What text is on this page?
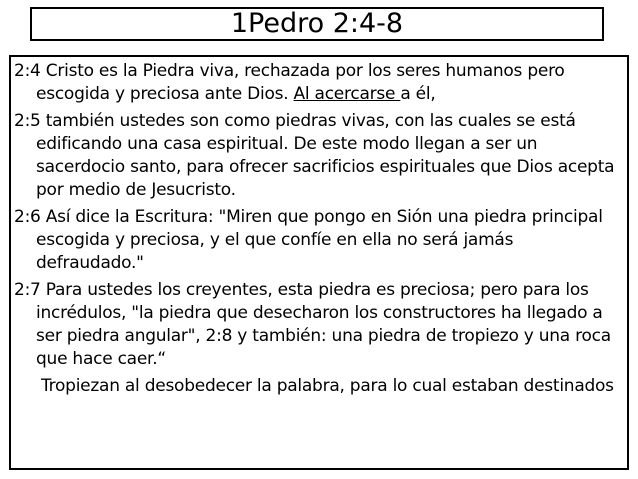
1Pedro 2:4-8
2:4 Cristo es la Piedra viva, rechazada por los seres humanos pero escogida y preciosa ante Dios. Al acercarse a él,
2:5 también ustedes son como piedras vivas, con las cuales se está edificando una casa espiritual. De este modo llegan a ser un sacerdocio santo, para ofrecer sacrificios espirituales que Dios acepta por medio de Jesucristo.
2:6 Así dice la Escritura: "Miren que pongo en Sión una piedra principal escogida y preciosa, y el que confíe en ella no será jamás defraudado."
2:7 Para ustedes los creyentes, esta piedra es preciosa; pero para los incrédulos, "la piedra que desecharon los constructores ha llegado a ser piedra angular", 2:8 y también: una piedra de tropiezo y una roca que hace caer.“
Tropiezan al desobedecer la palabra, para lo cual estaban destinados
